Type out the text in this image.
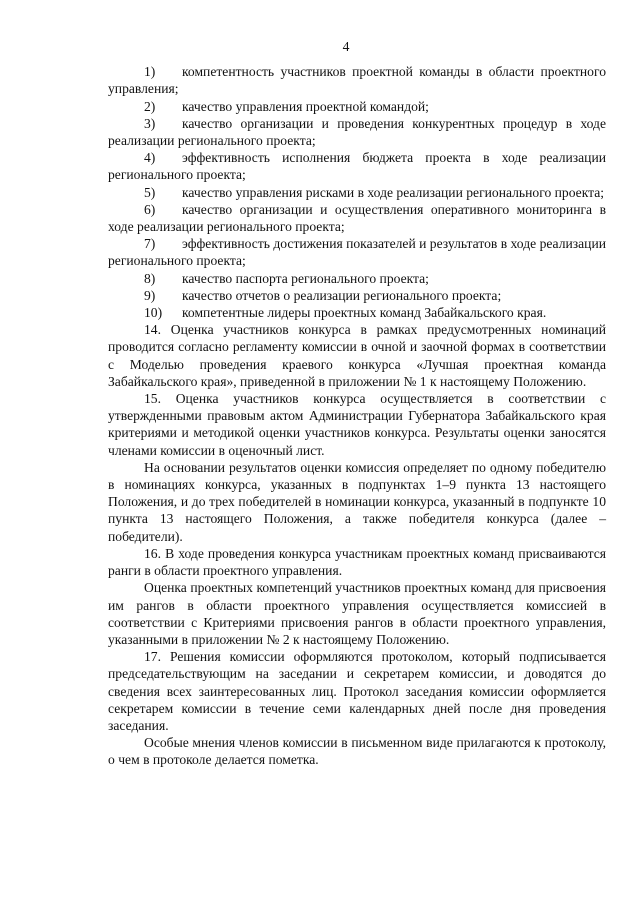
4
1) компетентность участников проектной команды в области проектного управления;
2) качество управления проектной командой;
3) качество организации и проведения конкурентных процедур в ходе реализации регионального проекта;
4) эффективность исполнения бюджета проекта в ходе реализации регионального проекта;
5) качество управления рисками в ходе реализации регионального проекта;
6) качество организации и осуществления оперативного мониторинга в ходе реализации регионального проекта;
7) эффективность достижения показателей и результатов в ходе реализации регионального проекта;
8) качество паспорта регионального проекта;
9) качество отчетов о реализации регионального проекта;
10) компетентные лидеры проектных команд Забайкальского края.

14. Оценка участников конкурса в рамках предусмотренных номинаций проводится согласно регламенту комиссии в очной и заочной формах в соответствии с Моделью проведения краевого конкурса «Лучшая проектная команда Забайкальского края», приведенной в приложении № 1 к настоящему Положению.

15. Оценка участников конкурса осуществляется в соответствии с утвержденными правовым актом Администрации Губернатора Забайкальского края критериями и методикой оценки участников конкурса. Результаты оценки заносятся членами комиссии в оценочный лист.

На основании результатов оценки комиссия определяет по одному победителю в номинациях конкурса, указанных в подпунктах 1–9 пункта 13 настоящего Положения, и до трех победителей в номинации конкурса, указанный в подпункте 10 пункта 13 настоящего Положения, а также победителя конкурса (далее – победители).

16. В ходе проведения конкурса участникам проектных команд присваиваются ранги в области проектного управления.

Оценка проектных компетенций участников проектных команд для присвоения им рангов в области проектного управления осуществляется комиссией в соответствии с Критериями присвоения рангов в области проектного управления, указанными в приложении № 2 к настоящему Положению.

17. Решения комиссии оформляются протоколом, который подписывается председательствующим на заседании и секретарем комиссии, и доводятся до сведения всех заинтересованных лиц. Протокол заседания комиссии оформляется секретарем комиссии в течение семи календарных дней после дня проведения заседания.

Особые мнения членов комиссии в письменном виде прилагаются к протоколу, о чем в протоколе делается пометка.
